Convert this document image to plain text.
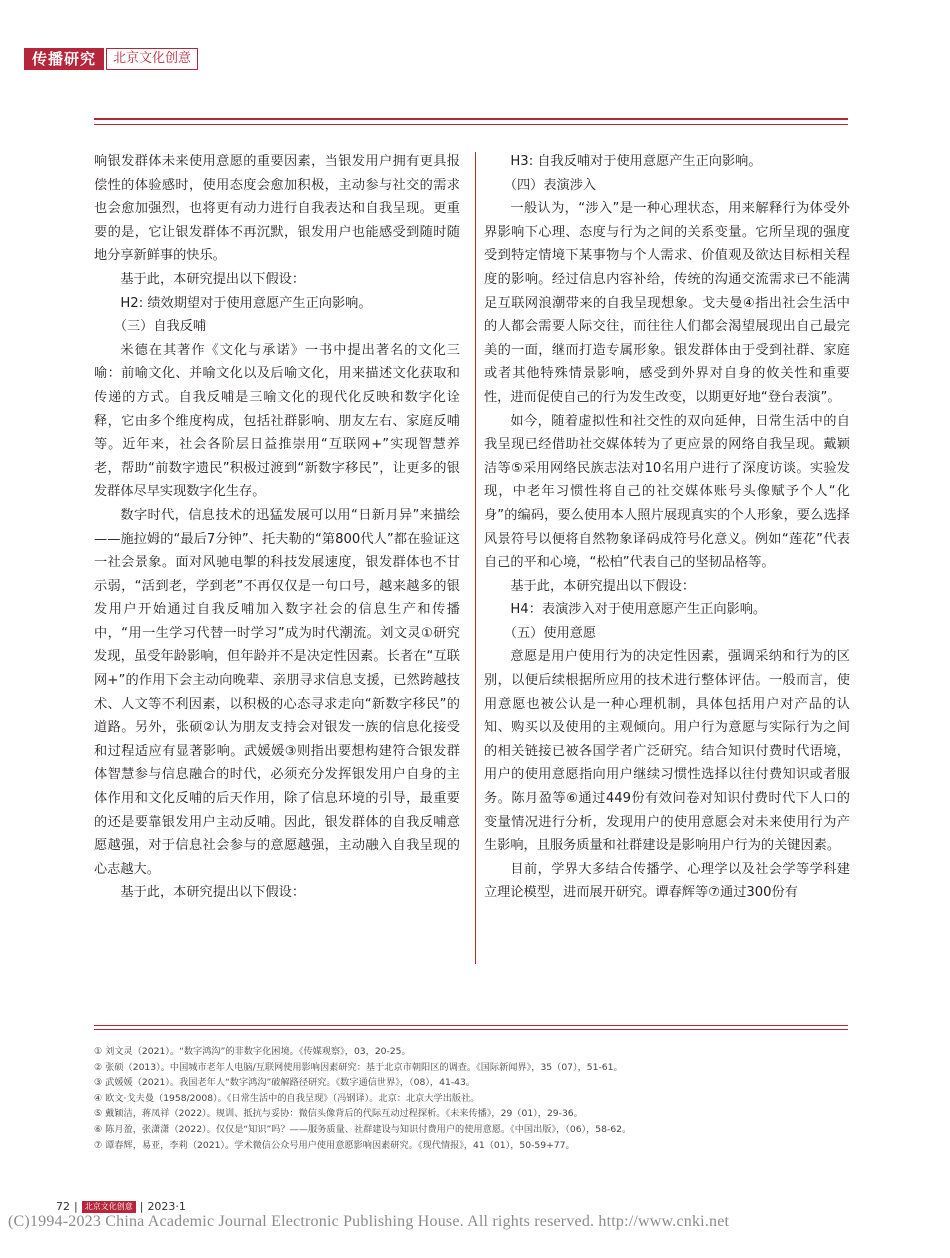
传播研究	北京文化创意

响银发群体未来使用意愿的重要因素，当银发用户拥有更具报偿性的体验感时，使用态度会愈加积极，主动参与社交的需求也会愈加强烈，也将更有动力进行自我表达和自我呈现。更重要的是，它让银发群体不再沉默，银发用户也能感受到随时随地分享新鲜事的快乐。

基于此，本研究提出以下假设：

H2: 绩效期望对于使用意愿产生正向影响。

（三）自我反哺

米德在其著作《文化与承诺》一书中提出著名的文化三喻：前喻文化、并喻文化以及后喻文化，用来描述文化获取和传递的方式。自我反哺是三喻文化的现代化反映和数字化诠释，它由多个维度构成，包括社群影响、朋友左右、家庭反哺等。近年来，社会各阶层日益推崇用“互联网+”实现智慧养老，帮助“前数字遗民”积极过渡到“新数字移民”，让更多的银发群体尽早实现数字化生存。

数字时代，信息技术的迅猛发展可以用“日新月异”来描绘——施拉姆的“最后7分钟”、托夫勒的“第800代人”都在验证这一社会景象。面对风驰电掣的科技发展速度，银发群体也不甘示弱，“活到老，学到老”不再仅仅是一句口号，越来越多的银发用户开始通过自我反哺加入数字社会的信息生产和传播中，“用一生学习代替一时学习”成为时代潮流。刘文灵①研究发现，虽受年龄影响，但年龄并不是决定性因素。长者在“互联网+”的作用下会主动向晚辈、亲朋寻求信息支援，已然跨越技术、人文等不利因素，以积极的心态寻求走向“新数字移民”的道路。另外，张硕②认为朋友支持会对银发一族的信息化接受和过程适应有显著影响。武媛媛③则指出要想构建符合银发群体智慧参与信息融合的时代，必须充分发挥银发用户自身的主体作用和文化反哺的后天作用，除了信息环境的引导，最重要的还是要靠银发用户主动反哺。因此，银发群体的自我反哺意愿越强，对于信息社会参与的意愿越强，主动融入自我呈现的心志越大。

基于此，本研究提出以下假设：

H3: 自我反哺对于使用意愿产生正向影响。

（四）表演涉入

一般认为，“涉入”是一种心理状态，用来解释行为体受外界影响下心理、态度与行为之间的关系变量。它所呈现的强度受到特定情境下某事物与个人需求、价值观及欲达目标相关程度的影响。经过信息内容补给，传统的沟通交流需求已不能满足互联网浪潮带来的自我呈现想象。戈夫曼④指出社会生活中的人都会需要人际交往，而往往人们都会渴望展现出自己最完美的一面，继而打造专属形象。银发群体由于受到社群、家庭或者其他特殊情景影响，感受到外界对自身的攸关性和重要性，进而促使自己的行为发生改变，以期更好地“登台表演”。

如今，随着虚拟性和社交性的双向延伸，日常生活中的自我呈现已经借助社交媒体转为了更应景的网络自我呈现。戴颖洁等⑤采用网络民族志法对10名用户进行了深度访谈。实验发现，中老年习惯性将自己的社交媒体账号头像赋予个人“化身”的编码，要么使用本人照片展现真实的个人形象，要么选择风景符号以便将自然物象译码成符号化意义。例如“莲花”代表自己的平和心境，“松柏”代表自己的坚韧品格等。

基于此，本研究提出以下假设：

H4：表演涉入对于使用意愿产生正向影响。

（五）使用意愿

意愿是用户使用行为的决定性因素，强调采纳和行为的区别，以便后续根据所应用的技术进行整体评估。一般而言，使用意愿也被公认是一种心理机制，具体包括用户对产品的认知、购买以及使用的主观倾向。用户行为意愿与实际行为之间的相关链接已被各国学者广泛研究。结合知识付费时代语境，用户的使用意愿指向用户继续习惯性选择以往付费知识或者服务。陈月盈等⑥通过449份有效问卷对知识付费时代下人口的变量情况进行分析，发现用户的使用意愿会对未来使用行为产生影响，且服务质量和社群建设是影响用户行为的关键因素。

目前，学界大多结合传播学、心理学以及社会学等学科建立理论模型，进而展开研究。谭春辉等⑦通过300份有

① 刘文灵（2021）。“数字鸿沟”的非数字化困境。《传媒观察》，03，20-25。
② 张硕（2013）。中国城市老年人电脑/互联网使用影响因素研究：基于北京市朝阳区的调查。《国际新闻界》，35（07），51-61。
③ 武媛媛（2021）。我国老年人“数字鸿沟”破解路径研究。《数字通信世界》，（08），41-43。
④ 欧文·戈夫曼（1958/2008）。《日常生活中的自我呈现》（冯钢译）。北京：北京大学出版社。
⑤ 戴颖洁，蒋凤祥（2022）。规训、抵抗与妥协：微信头像背后的代际互动过程探析。《未来传播》，29（01），29-36。
⑥ 陈月盈，张潇潇（2022）。仅仅是“知识”吗？——服务质量、社群建设与知识付费用户的使用意愿。《中国出版》，（06），58-62。
⑦ 谭春辉，易亚，李莉（2021）。学术微信公众号用户使用意愿影响因素研究。《现代情报》，41（01），50-59+77。
72 | 北京文化创意 | 2023·1
(C)1994-2023 China Academic Journal Electronic Publishing House. All rights reserved. http://www.cnki.net
